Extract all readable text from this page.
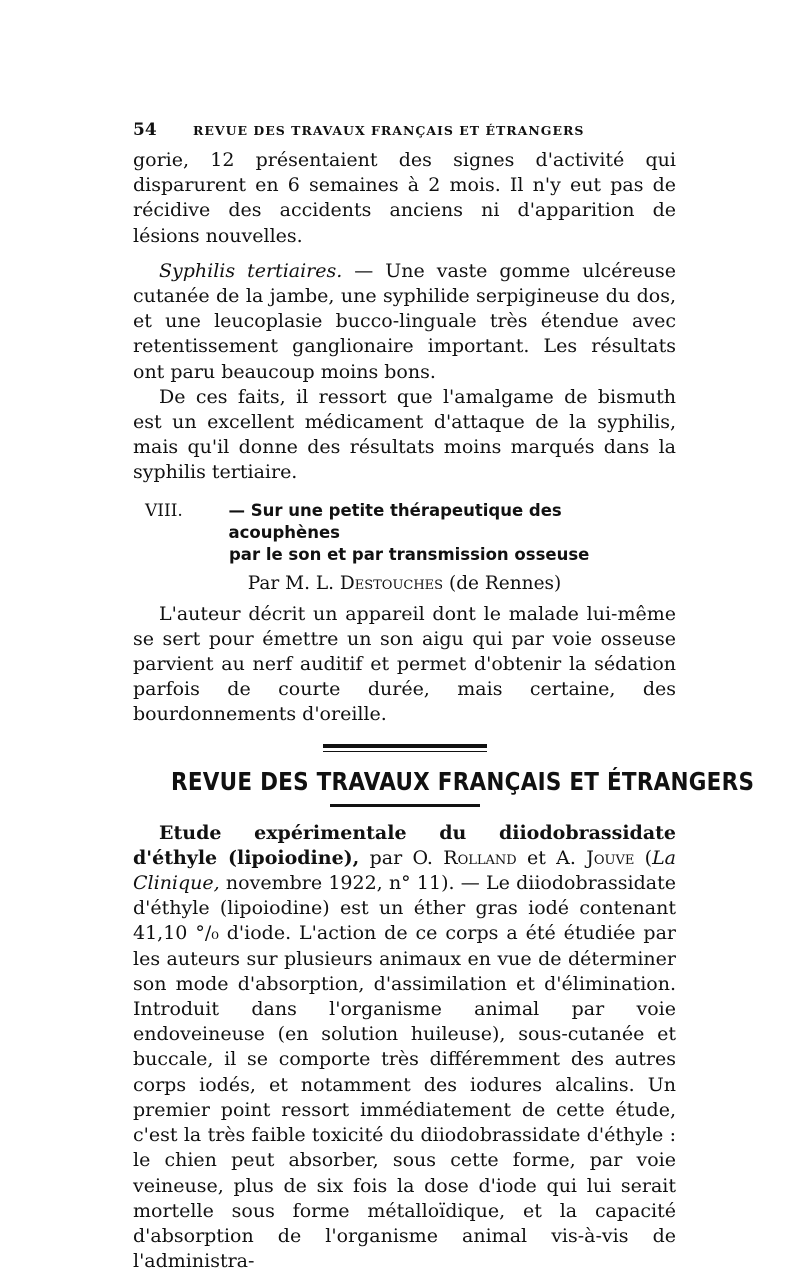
54	REVUE DES TRAVAUX FRANÇAIS ET ÉTRANGERS

gorie, 12 présentaient des signes d'activité qui disparurent en 6 semaines à 2 mois. Il n'y eut pas de récidive des accidents anciens ni d'apparition de lésions nouvelles.

Syphilis tertiaires. — Une vaste gomme ulcéreuse cutanée de la jambe, une syphilide serpigineuse du dos, et une leucoplasie bucco-linguale très étendue avec retentissement ganglionaire important. Les résultats ont paru beaucoup moins bons.

De ces faits, il ressort que l'amalgame de bismuth est un excellent médicament d'attaque de la syphilis, mais qu'il donne des résultats moins marqués dans la syphilis tertiaire.

VIII.	— Sur une petite thérapeutique des acouphènes
par le son et par transmission osseuse
Par M. L. Destouches (de Rennes)

L'auteur décrit un appareil dont le malade lui-même se sert pour émettre un son aigu qui par voie osseuse parvient au nerf auditif et permet d'obtenir la sédation parfois de courte durée, mais certaine, des bourdonnements d'oreille.

REVUE DES TRAVAUX FRANÇAIS ET ÉTRANGERS

Etude expérimentale du diiodobrassidate d'éthyle (lipoiodine), par O. Rolland et A. Jouve (La Clinique, novembre 1922, n° 11). — Le diiodobrassidate d'éthyle (lipoiodine) est un éther gras iodé contenant 41,10 °/₀ d'iode. L'action de ce corps a été étudiée par les auteurs sur plusieurs animaux en vue de déterminer son mode d'absorption, d'assimilation et d'élimination. Introduit dans l'organisme animal par voie endoveineuse (en solution huileuse), sous-cutanée et buccale, il se comporte très différemment des autres corps iodés, et notamment des iodures alcalins. Un premier point ressort immédiatement de cette étude, c'est la très faible toxicité du diiodobrassidate d'éthyle : le chien peut absorber, sous cette forme, par voie veineuse, plus de six fois la dose d'iode qui lui serait mortelle sous forme métalloïdique, et la capacité d'absorption de l'organisme animal vis-à-vis de l'administra-
